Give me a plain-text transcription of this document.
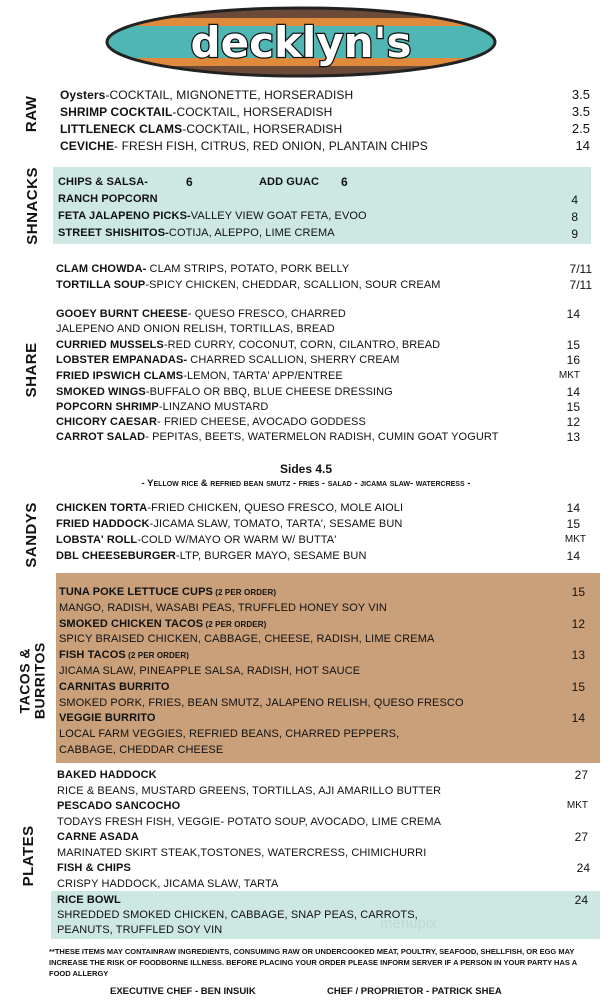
decklyn's
RAW
Oysters-COCKTAIL, MIGNONETTE, HORSERADISH	3.5
SHRIMP COCKTAIL-COCKTAIL, HORSERADISH	3.5
LITTLENECK CLAMS-COCKTAIL, HORSERADISH	2.5
CEVICHE- FRESH FISH, CITRUS, RED ONION, PLANTAIN CHIPS	14
SHNACKS CHIPS & SALSA-	6	ADD GUAC 6
RANCH POPCORN	4
FETA JALAPENO PICKS-VALLEY VIEW GOAT FETA, EVOO	8
STREET SHISHITOS-COTIJA, ALEPPO, LIME CREMA	9
CLAM CHOWDA- CLAM STRIPS, POTATO, PORK BELLY	7/11
TORTILLA SOUP-SPICY CHICKEN, CHEDDAR, SCALLION, SOUR CREAM	7/11
SHARE
GOOEY BURNT CHEESE- QUESO FRESCO, CHARRED	14
JALEPENO AND ONION RELISH, TORTILLAS, BREAD
CURRIED MUSSELS-RED CURRY, COCONUT, CORN, CILANTRO, BREAD	15
LOBSTER EMPANADAS- CHARRED SCALLION, SHERRY CREAM	16
FRIED IPSWICH CLAMS-LEMON, TARTA' APP/ENTREE	MKT
SMOKED WINGS-BUFFALO OR BBQ, BLUE CHEESE DRESSING	14
POPCORN SHRIMP-LINZANO MUSTARD	15
CHICORY CAESAR- FRIED CHEESE, AVOCADO GODDESS	12
CARROT SALAD- PEPITAS, BEETS, WATERMELON RADISH, CUMIN GOAT YOGURT	13
Sides 4.5
- Yellow rice & refried bean smutz - fries - salad - jicama slaw- watercress -
SANDYS CHICKEN TORTA-FRIED CHICKEN, QUESO FRESCO, MOLE AIOLI	14
FRIED HADDOCK-JICAMA SLAW, TOMATO, TARTA', SESAME BUN	15
LOBSTA' ROLL-COLD W/MAYO OR WARM W/ BUTTA'	MKT
DBL CHEESEBURGER-LTP, BURGER MAYO, SESAME BUN	14
TACOS &
BURRITOS
TUNA POKE LETTUCE CUPS (2 PER ORDER)	15
MANGO, RADISH, WASABI PEAS, TRUFFLED HONEY SOY VIN
SMOKED CHICKEN TACOS (2 PER ORDER)	12
SPICY BRAISED CHICKEN, CABBAGE, CHEESE, RADISH, LIME CREMA
FISH TACOS (2 PER ORDER)	13
JICAMA SLAW, PINEAPPLE SALSA, RADISH, HOT SAUCE
CARNITAS BURRITO	15
SMOKED PORK, FRIES, BEAN SMUTZ, JALAPENO RELISH, QUESO FRESCO
VEGGIE BURRITO	14
LOCAL FARM VEGGIES, REFRIED BEANS, CHARRED PEPPERS,
CABBAGE, CHEDDAR CHEESE
PLATES
BAKED HADDOCK	27
RICE & BEANS, MUSTARD GREENS, TORTILLAS, AJI AMARILLO BUTTER
PESCADO SANCOCHO	MKT
TODAYS FRESH FISH, VEGGIE- POTATO SOUP, AVOCADO, LIME CREMA
CARNE ASADA	27
MARINATED SKIRT STEAK,TOSTONES, WATERCRESS, CHIMICHURRI
FISH & CHIPS	24
CRISPY HADDOCK, JICAMA SLAW, TARTA
RICE BOWL	24
SHREDDED SMOKED CHICKEN, CABBAGE, SNAP PEAS, CARROTS,
PEANUTS, TRUFFLED SOY VIN	menupix
**THESE ITEMS MAY CONTAINRAW INGREDIENTS, CONSUMING RAW OR UNDERCOOKED MEAT, POULTRY, SEAFOOD, SHELLFISH, OR EGG MAY INCREASE THE RISK OF FOODBORNE ILLNESS. BEFORE PLACING YOUR ORDER PLEASE INFORM SERVER IF A PERSON IN YOUR PARTY HAS A FOOD ALLERGY
EXECUTIVE CHEF - BEN INSUIK	CHEF / PROPRIETOR - PATRICK SHEA
